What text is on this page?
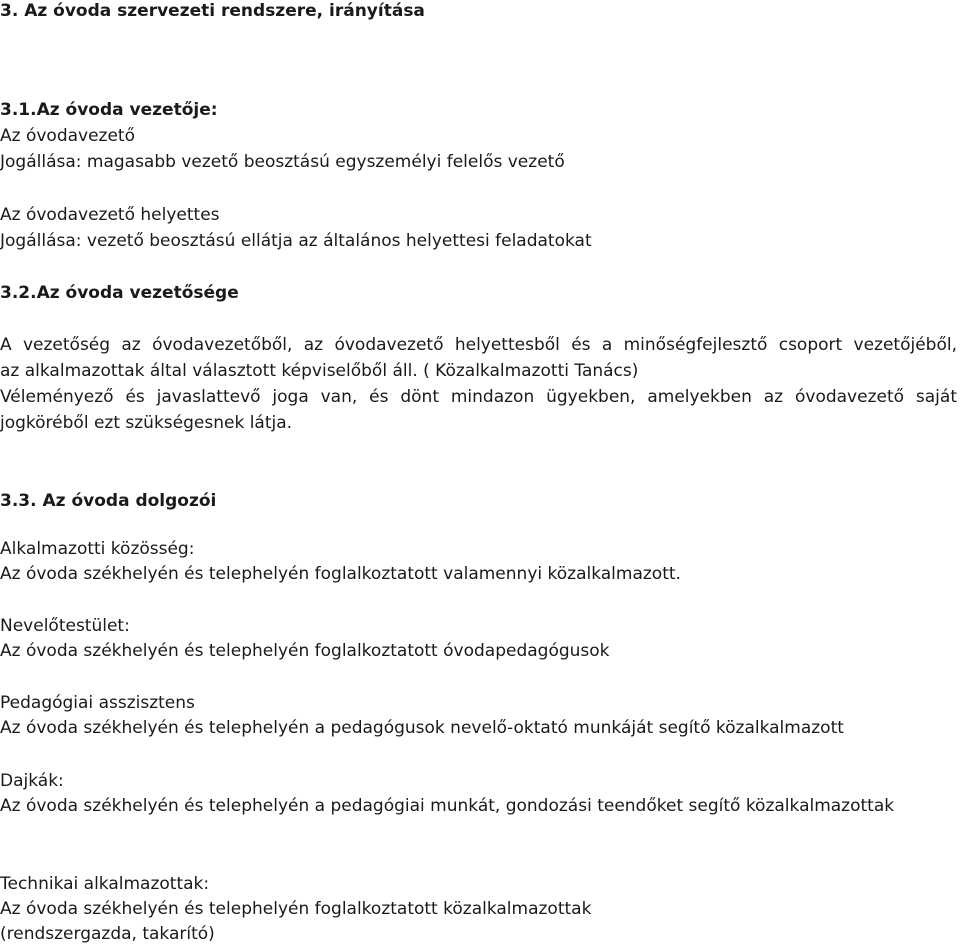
3. Az óvoda szervezeti rendszere, irányítása

3.1.Az óvoda vezetője:

Az óvodavezető

Jogállása: magasabb vezető beosztású egyszemélyi felelős vezető

Az óvodavezető helyettes

Jogállása: vezető beosztású ellátja az általános helyettesi feladatokat

3.2.Az óvoda vezetősége

A vezetőség az óvodavezetőből, az óvodavezető helyettesből és a minőségfejlesztő csoport vezetőjéből,

az alkalmazottak által választott képviselőből áll. ( Közalkalmazotti Tanács)

Véleményező és javaslattevő joga van, és dönt mindazon ügyekben, amelyekben az óvodavezető saját

jogköréből ezt szükségesnek látja.

3.3. Az óvoda dolgozói

Alkalmazotti közösség:

Az óvoda székhelyén és telephelyén foglalkoztatott valamennyi közalkalmazott.

Nevelőtestület:

Az óvoda székhelyén és telephelyén foglalkoztatott óvodapedagógusok

Pedagógiai asszisztens

Az óvoda székhelyén és telephelyén a pedagógusok nevelő-oktató munkáját segítő közalkalmazott

Dajkák:

Az óvoda székhelyén és telephelyén a pedagógiai munkát, gondozási teendőket segítő közalkalmazottak

Technikai alkalmazottak:

Az óvoda székhelyén és telephelyén foglalkoztatott közalkalmazottak

(rendszergazda, takarító)
